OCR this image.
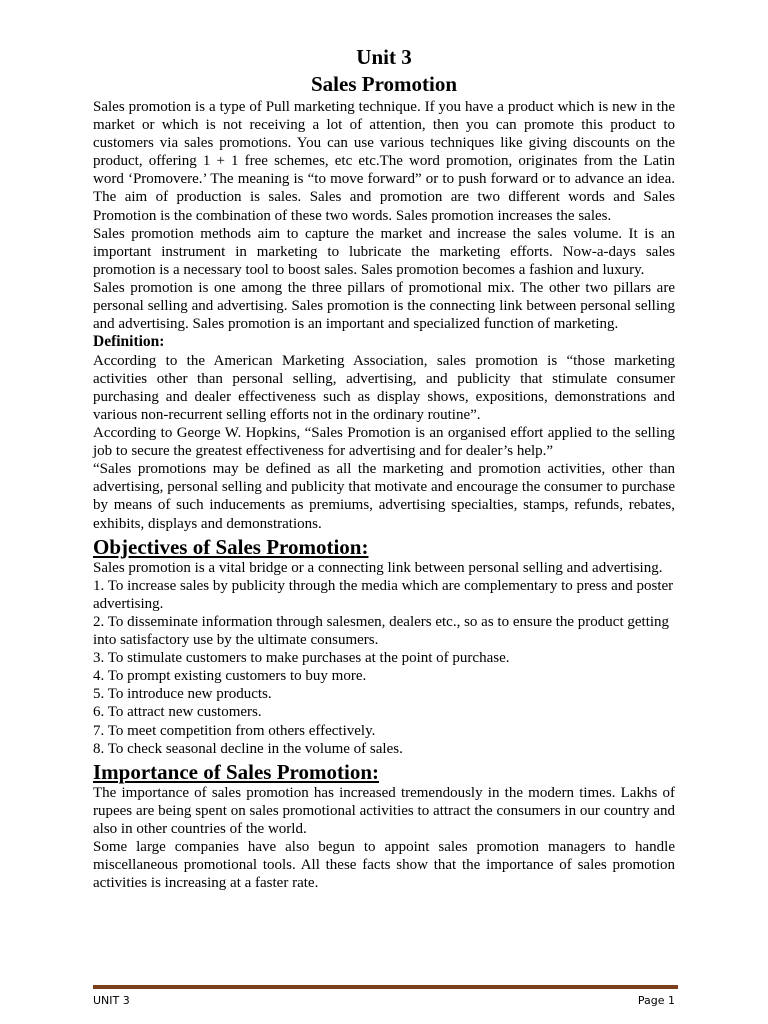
Unit 3
Sales Promotion

Sales promotion is a type of Pull marketing technique. If you have a product which is new in the market or which is not receiving a lot of attention, then you can promote this product to customers via sales promotions. You can use various techniques like giving discounts on the product, offering 1 + 1 free schemes, etc etc.The word promotion, originates from the Latin word ‘Promovere.’ The meaning is “to move forward” or to push forward or to advance an idea. The aim of production is sales. Sales and promotion are two different words and Sales Promotion is the combination of these two words. Sales promotion increases the sales.

Sales promotion methods aim to capture the market and increase the sales volume. It is an important instrument in marketing to lubricate the marketing efforts. Now-a-days sales promotion is a necessary tool to boost sales. Sales promotion becomes a fashion and luxury.

Sales promotion is one among the three pillars of promotional mix. The other two pillars are personal selling and advertising. Sales promotion is the connecting link between personal selling and advertising. Sales promotion is an important and specialized function of marketing.

Definition:

According to the American Marketing Association, sales promotion is “those marketing activities other than personal selling, advertising, and publicity that stimulate consumer purchasing and dealer effectiveness such as display shows, expositions, demonstrations and various non-recurrent selling efforts not in the ordinary routine”.

According to George W. Hopkins, “Sales Promotion is an organised effort applied to the selling job to secure the greatest effectiveness for advertising and for dealer’s help.”

“Sales promotions may be defined as all the marketing and promotion activities, other than advertising, personal selling and publicity that motivate and encourage the consumer to purchase by means of such inducements as premiums, advertising specialties, stamps, refunds, rebates, exhibits, displays and demonstrations.

Objectives of Sales Promotion:

Sales promotion is a vital bridge or a connecting link between personal selling and advertising.

1. To increase sales by publicity through the media which are complementary to press and poster advertising.
2. To disseminate information through salesmen, dealers etc., so as to ensure the product getting into satisfactory use by the ultimate consumers.
3. To stimulate customers to make purchases at the point of purchase.
4. To prompt existing customers to buy more.
5. To introduce new products.
6. To attract new customers.
7. To meet competition from others effectively.
8. To check seasonal decline in the volume of sales.
Importance of Sales Promotion:

The importance of sales promotion has increased tremendously in the modern times. Lakhs of rupees are being spent on sales promotional activities to attract the consumers in our country and also in other countries of the world.

Some large companies have also begun to appoint sales promotion managers to handle miscellaneous promotional tools. All these facts show that the importance of sales promotion activities is increasing at a faster rate.

UNIT 3	Page 1
